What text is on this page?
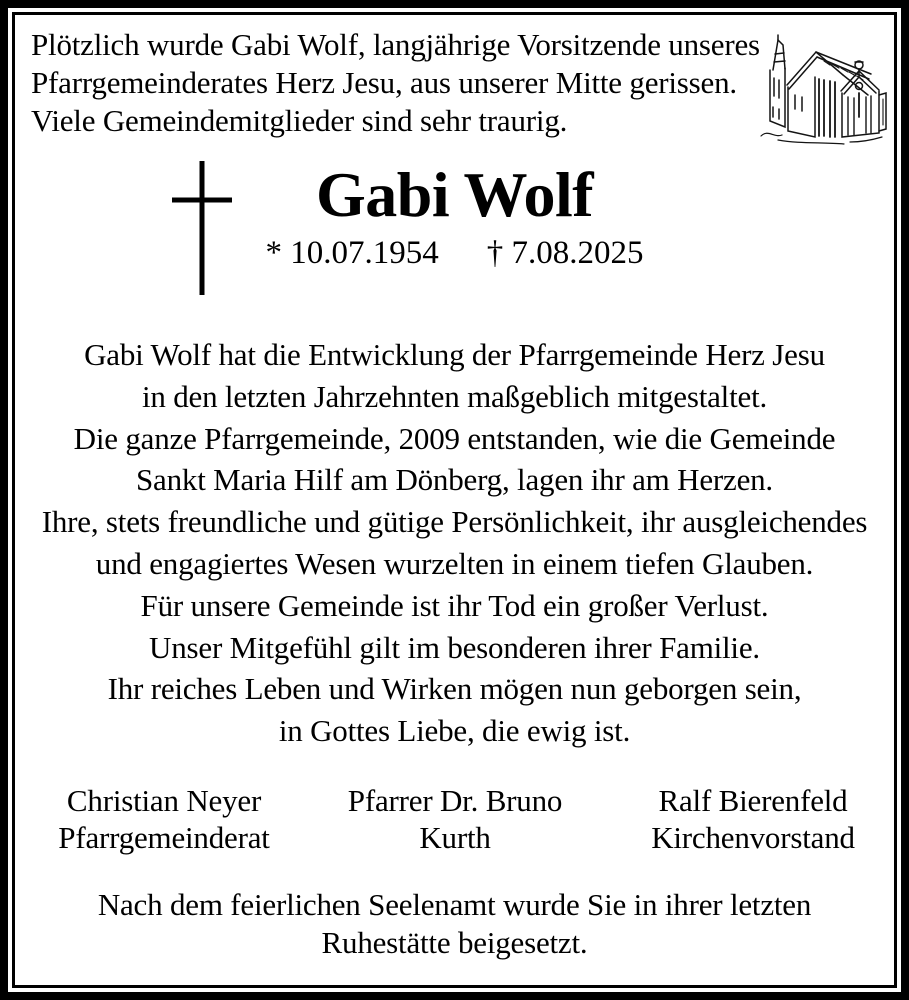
Plötzlich wurde Gabi Wolf, langjährige Vorsitzende unseres
Pfarrgemeinderates Herz Jesu, aus unserer Mitte gerissen.
Viele Gemeindemitglieder sind sehr traurig.
Gabi Wolf
* 10.07.1954 † 7.08.2025
Gabi Wolf hat die Entwicklung der Pfarrgemeinde Herz Jesu
in den letzten Jahrzehnten maßgeblich mitgestaltet.
Die ganze Pfarrgemeinde, 2009 entstanden, wie die Gemeinde
Sankt Maria Hilf am Dönberg, lagen ihr am Herzen.
Ihre, stets freundliche und gütige Persönlichkeit, ihr ausgleichendes
und engagiertes Wesen wurzelten in einem tiefen Glauben.
Für unsere Gemeinde ist ihr Tod ein großer Verlust.
Unser Mitgefühl gilt im besonderen ihrer Familie.
Ihr reiches Leben und Wirken mögen nun geborgen sein,
in Gottes Liebe, die ewig ist.
Christian Neyer
Pfarrgemeinderat
Pfarrer Dr. Bruno Kurth
Ralf Bierenfeld
Kirchenvorstand
Nach dem feierlichen Seelenamt wurde Sie in ihrer letzten
Ruhestätte beigesetzt.
